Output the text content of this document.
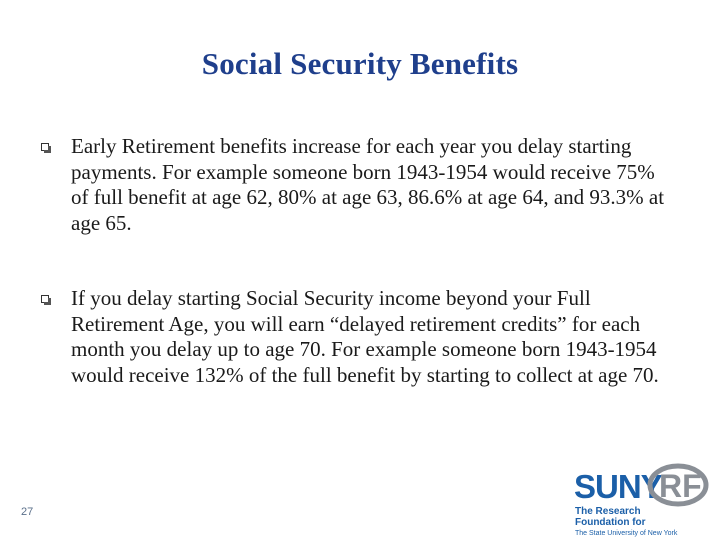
Social Security Benefits
Early Retirement benefits increase for each year you delay starting payments. For example someone born 1943-1954 would receive 75% of full benefit at age 62, 80% at age 63, 86.6% at age 64, and 93.3% at age 65.
If you delay starting Social Security income beyond your Full Retirement Age, you will earn “delayed retirement credits” for each month you delay up to age 70. For example someone born 1943-1954 would receive 132% of the full benefit by starting to collect at age 70.
27
SUNY
RF
The Research
Foundation for
The State University of New York
